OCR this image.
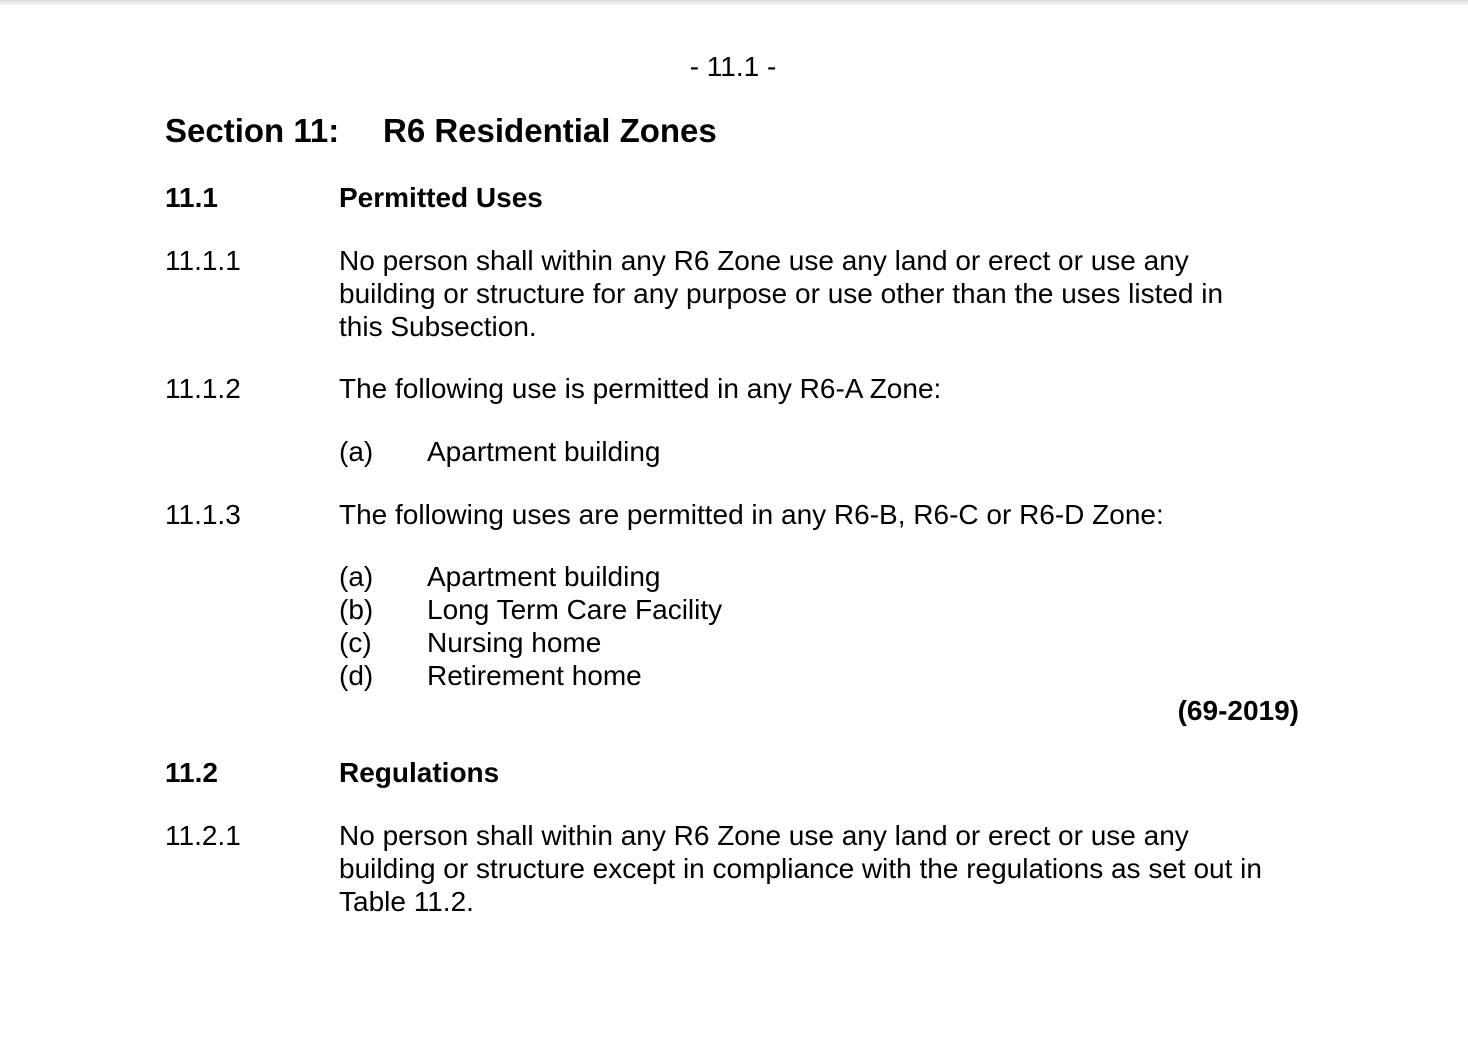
- 11.1 -
Section 11: R6 Residential Zones
11.1	Permitted Uses
11.1.1	No person shall within any R6 Zone use any land or erect or use any
building or structure for any purpose or use other than the uses listed in
this Subsection.
11.1.2	The following use is permitted in any R6-A Zone:
(a) Apartment building
11.1.3	The following uses are permitted in any R6-B, R6-C or R6-D Zone:
(a) Apartment building
(b) Long Term Care Facility
(c) Nursing home
(d) Retirement home
(69-2019)
11.2	Regulations
11.2.1	No person shall within any R6 Zone use any land or erect or use any
building or structure except in compliance with the regulations as set out in
Table 11.2.
